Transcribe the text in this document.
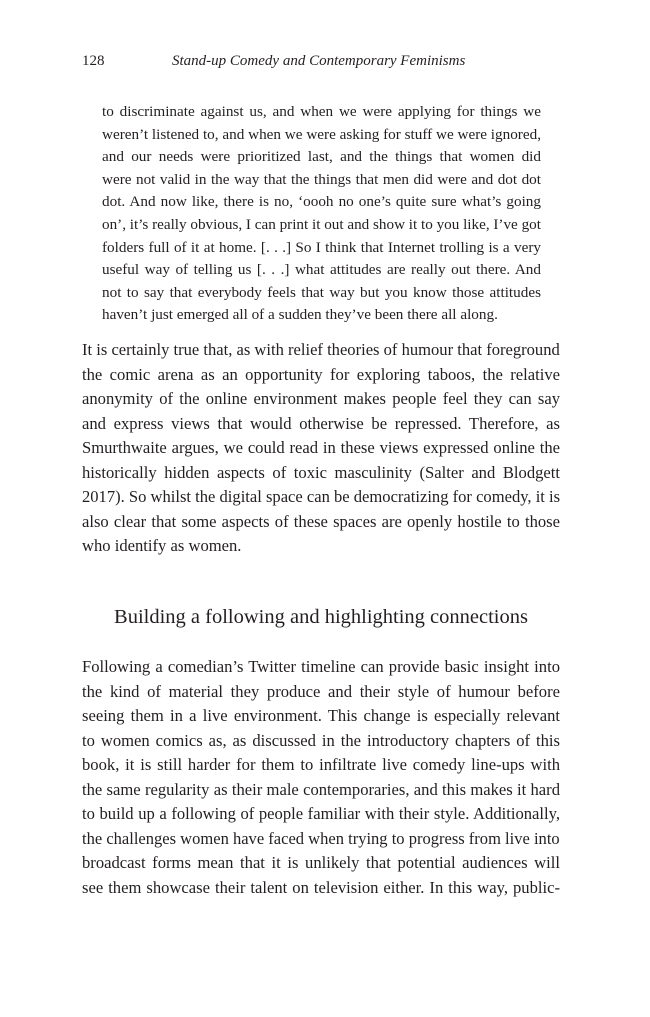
128	Stand-up Comedy and Contemporary Feminisms
to discriminate against us, and when we were applying for things we
weren’t listened to, and when we were asking for stuff we were ignored,
and our needs were prioritized last, and the things that women did
were not valid in the way that the things that men did were and dot dot
dot. And now like, there is no, ‘oooh no one’s quite sure what’s going
on’, it’s really obvious, I can print it out and show it to you like, I’ve got
folders full of it at home. [. . .] So I think that Internet trolling is a very
useful way of telling us [. . .] what attitudes are really out there. And
not to say that everybody feels that way but you know those attitudes
haven’t just emerged all of a sudden they’ve been there all along.
It is certainly true that, as with relief theories of humour that foreground
the comic arena as an opportunity for exploring taboos, the relative
anonymity of the online environment makes people feel they can say
and express views that would otherwise be repressed. Therefore, as
Smurthwaite argues, we could read in these views expressed online the
historically hidden aspects of toxic masculinity (Salter and Blodgett
2017). So whilst the digital space can be democratizing for comedy, it is
also clear that some aspects of these spaces are openly hostile to those
who identify as women.
Building a following and highlighting connections
Following a comedian’s Twitter timeline can provide basic insight into
the kind of material they produce and their style of humour before
seeing them in a live environment. This change is especially relevant
to women comics as, as discussed in the introductory chapters of this
book, it is still harder for them to infiltrate live comedy line-ups with
the same regularity as their male contemporaries, and this makes it hard
to build up a following of people familiar with their style. Additionally,
the challenges women have faced when trying to progress from live into
broadcast forms mean that it is unlikely that potential audiences will
see them showcase their talent on television either. In this way, public-
